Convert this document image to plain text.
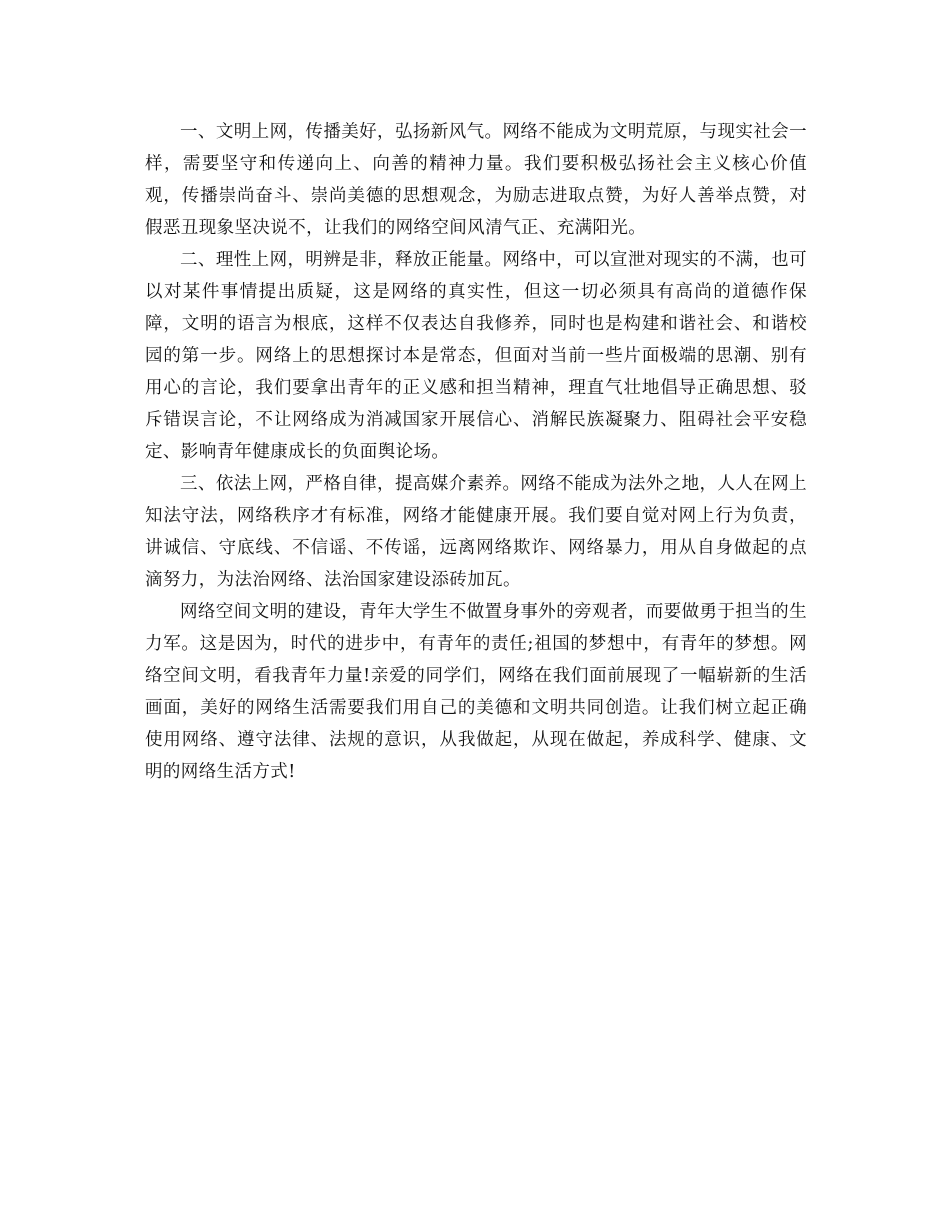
一、文明上网，传播美好，弘扬新风气。网络不能成为文明荒原，与现实社会一样，需要坚守和传递向上、向善的精神力量。我们要积极弘扬社会主义核心价值观，传播崇尚奋斗、崇尚美德的思想观念，为励志进取点赞，为好人善举点赞，对假恶丑现象坚决说不，让我们的网络空间风清气正、充满阳光。

二、理性上网，明辨是非，释放正能量。网络中，可以宣泄对现实的不满，也可以对某件事情提出质疑，这是网络的真实性，但这一切必须具有高尚的道德作保障，文明的语言为根底，这样不仅表达自我修养，同时也是构建和谐社会、和谐校园的第一步。网络上的思想探讨本是常态，但面对当前一些片面极端的思潮、别有用心的言论，我们要拿出青年的正义感和担当精神，理直气壮地倡导正确思想、驳斥错误言论，不让网络成为消减国家开展信心、消解民族凝聚力、阻碍社会平安稳定、影响青年健康成长的负面舆论场。

三、依法上网，严格自律，提高媒介素养。网络不能成为法外之地，人人在网上知法守法，网络秩序才有标准，网络才能健康开展。我们要自觉对网上行为负责，讲诚信、守底线、不信谣、不传谣，远离网络欺诈、网络暴力，用从自身做起的点滴努力，为法治网络、法治国家建设添砖加瓦。

网络空间文明的建设，青年大学生不做置身事外的旁观者，而要做勇于担当的生力军。这是因为，时代的进步中，有青年的责任;祖国的梦想中，有青年的梦想。网络空间文明，看我青年力量!亲爱的同学们，网络在我们面前展现了一幅崭新的生活画面，美好的网络生活需要我们用自己的美德和文明共同创造。让我们树立起正确使用网络、遵守法律、法规的意识，从我做起，从现在做起，养成科学、健康、文明的网络生活方式!
